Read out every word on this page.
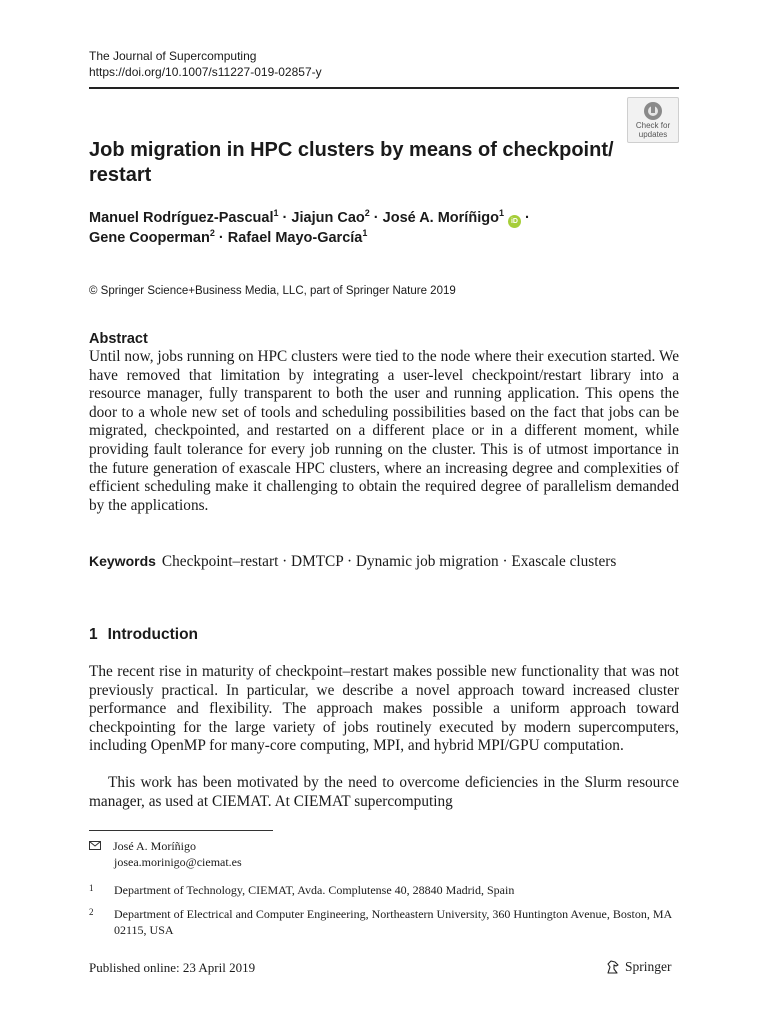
The Journal of Supercomputing
https://doi.org/10.1007/s11227-019-02857-y
Check for
updates
Job migration in HPC clusters by means of checkpoint/
restart
Manuel Rodríguez-Pascual$^1$ · Jiajun Cao$^2$ · José A. Moríñigo$^1$ iD ·
Gene Cooperman$^2$ · Rafael Mayo-García$^1$
© Springer Science+Business Media, LLC, part of Springer Nature 2019
Abstract
Until now, jobs running on HPC clusters were tied to the node where their execution started. We have removed that limitation by integrating a user-level checkpoint/restart library into a resource manager, fully transparent to both the user and running application. This opens the door to a whole new set of tools and scheduling possibilities based on the fact that jobs can be migrated, checkpointed, and restarted on a different place or in a different moment, while providing fault tolerance for every job running on the cluster. This is of utmost importance in the future generation of exascale HPC clusters, where an increasing degree and complexities of efficient scheduling make it challenging to obtain the required degree of parallelism demanded by the applications.
Keywords Checkpoint–restart · DMTCP · Dynamic job migration · Exascale clusters
1 Introduction
The recent rise in maturity of checkpoint–restart makes possible new functionality that was not previously practical. In particular, we describe a novel approach toward increased cluster performance and flexibility. The approach makes possible a uniform approach toward checkpointing for the large variety of jobs routinely executed by modern supercomputers, including OpenMP for many-core computing, MPI, and hybrid MPI/GPU computation.
This work has been motivated by the need to overcome deficiencies in the Slurm resource manager, as used at CIEMAT. At CIEMAT supercomputing
José A. Moríñigo
josea.morinigo@ciemat.es
1	Department of Technology, CIEMAT, Avda. Complutense 40, 28840 Madrid, Spain
2	Department of Electrical and Computer Engineering, Northeastern University, 360 Huntington Avenue, Boston, MA 02115, USA
Published online: 23 April 2019	Springer
